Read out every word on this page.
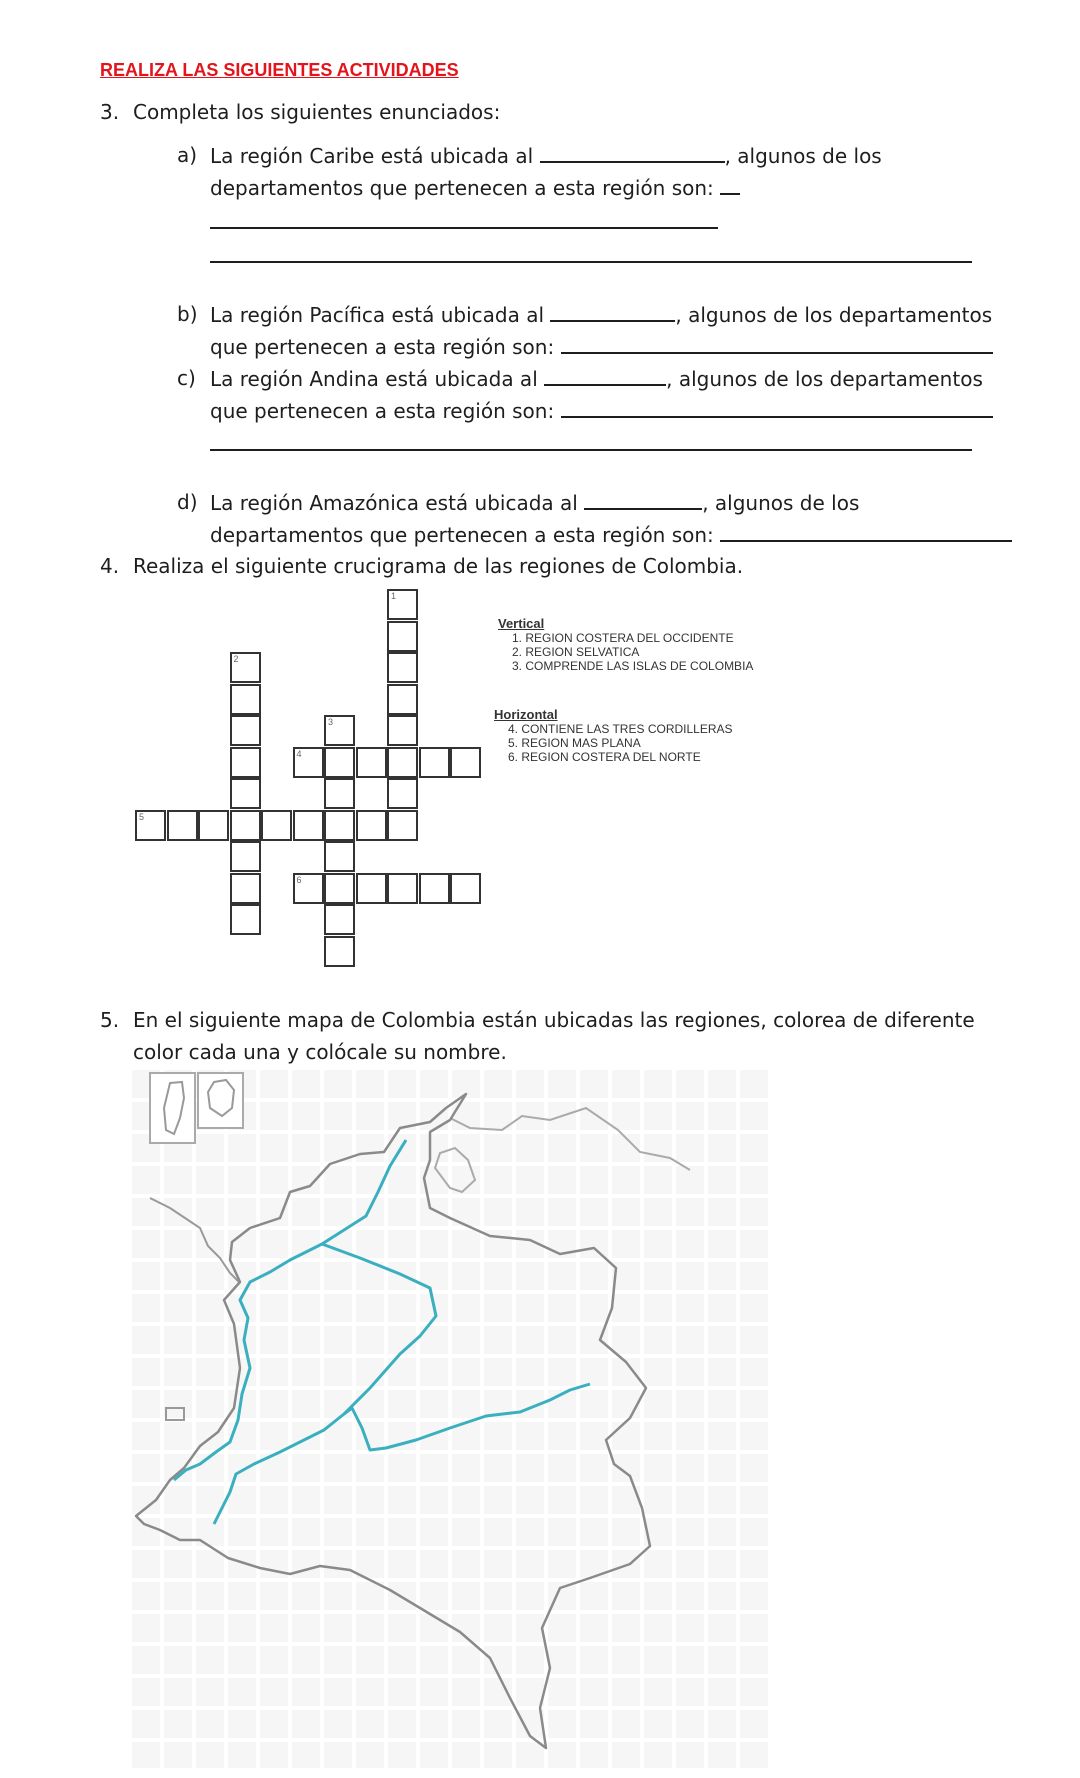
REALIZA LAS SIGUIENTES ACTIVIDADES
3. Completa los siguientes enunciados:
a) La región Caribe está ubicada al	, algunos de los
departamentos que pertenecen a esta región son:
b) La región Pacífica está ubicada al	, algunos de los departamentos
que pertenecen a esta región son:
c) La región Andina está ubicada al	, algunos de los departamentos
que pertenecen a esta región son:
d) La región Amazónica está ubicada al	, algunos de los
departamentos que pertenecen a esta región son:
4. Realiza el siguiente crucigrama de las regiones de Colombia.
1
2
3
4
5
6
Vertical
1. REGION COSTERA DEL OCCIDENTE
2. REGION SELVATICA
3. COMPRENDE LAS ISLAS DE COLOMBIA
Horizontal
4. CONTIENE LAS TRES CORDILLERAS
5. REGION MAS PLANA
6. REGION COSTERA DEL NORTE
5. En el siguiente mapa de Colombia están ubicadas las regiones, colorea de diferente
color cada una y colócale su nombre.
